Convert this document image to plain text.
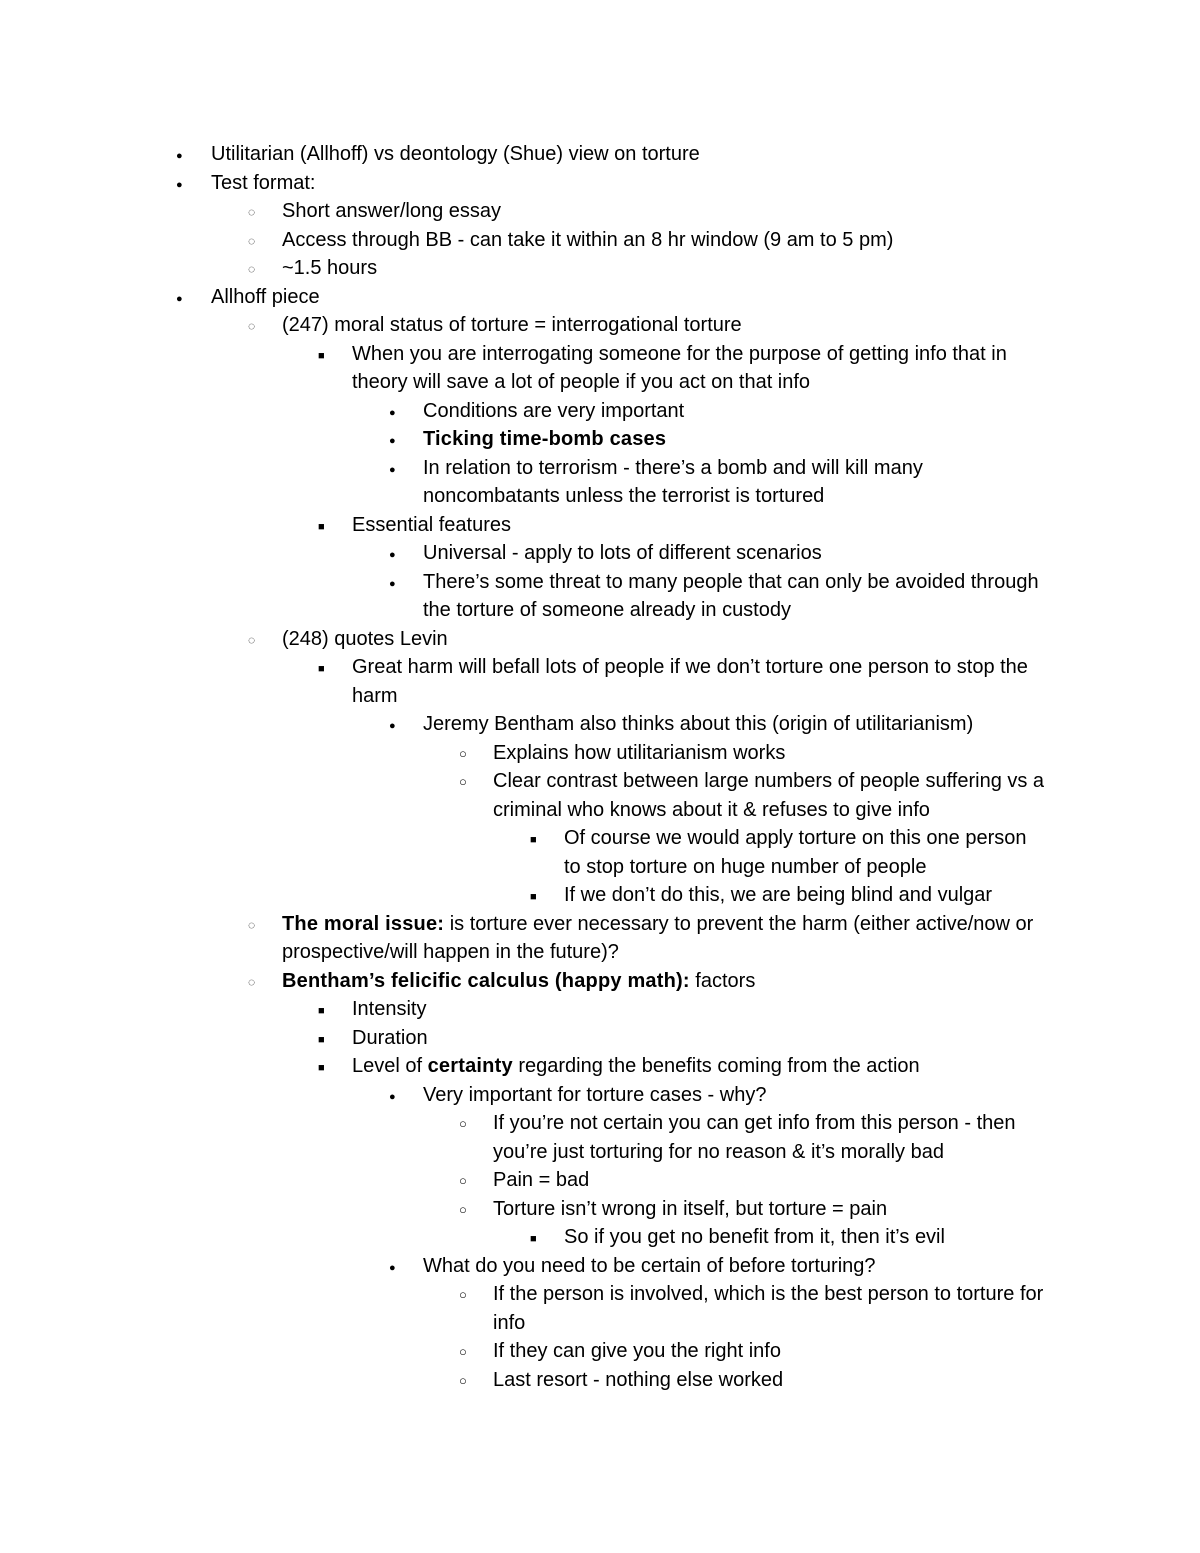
●
Utilitarian (Allhoff) vs deontology (Shue) view on torture
●
Test format:
◌
Short answer/long essay
◌
Access through BB - can take it within an 8 hr window (9 am to 5 pm)
◌
~1.5 hours
●
Allhoff piece
◌
(247) moral status of torture = interrogational torture
■
When you are interrogating someone for the purpose of getting info that in theory will save a lot of people if you act on that info
●
Conditions are very important
●
Ticking time-bomb cases
●
In relation to terrorism - there’s a bomb and will kill many noncombatants unless the terrorist is tortured
■
Essential features
●
Universal - apply to lots of different scenarios
●
There’s some threat to many people that can only be avoided through the torture of someone already in custody
◌
(248) quotes Levin
■
Great harm will befall lots of people if we don’t torture one person to stop the harm
●
Jeremy Bentham also thinks about this (origin of utilitarianism)
○
Explains how utilitarianism works
○
Clear contrast between large numbers of people suffering vs a criminal who knows about it & refuses to give info
■
Of course we would apply torture on this one person to stop torture on huge number of people
■
If we don’t do this, we are being blind and vulgar
◌
The moral issue: is torture ever necessary to prevent the harm (either active/now or prospective/will happen in the future)?
◌
Bentham’s felicific calculus (happy math): factors
■
Intensity
■
Duration
■
Level of certainty regarding the benefits coming from the action
●
Very important for torture cases - why?
○
If you’re not certain you can get info from this person - then you’re just torturing for no reason & it’s morally bad
○
Pain = bad
○
Torture isn’t wrong in itself, but torture = pain
■
So if you get no benefit from it, then it’s evil
●
What do you need to be certain of before torturing?
○
If the person is involved, which is the best person to torture for info
○
If they can give you the right info
○
Last resort - nothing else worked
